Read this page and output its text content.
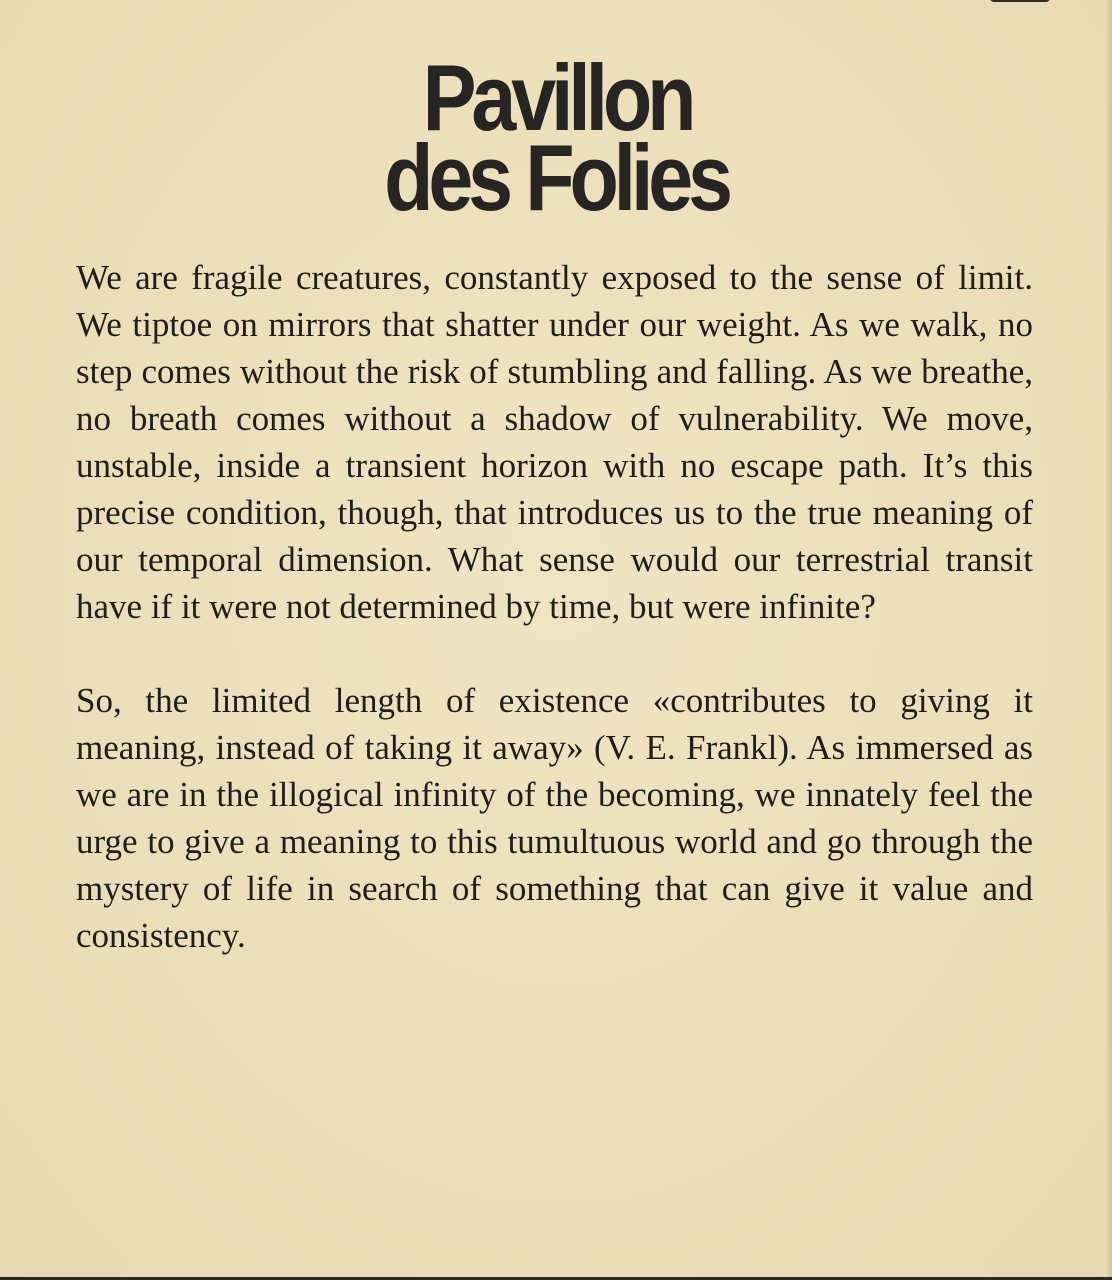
Pavillon
des Folies

We are fragile creatures, constantly exposed to the sense of limit. We tiptoe on mirrors that shatter under our weight. As we walk, no step comes without the risk of stumbling and falling. As we breathe, no breath comes without a shadow of vulnerability. We move, unstable, inside a transient horizon with no escape path. It’s this precise condition, though, that introduces us to the true meaning of our temporal dimension. What sense would our terrestrial transit have if it were not determined by time, but were infinite?

So, the limited length of existence «contributes to giving it meaning, instead of taking it away» (V. E. Frankl). As immersed as we are in the illogical infinity of the becoming, we innately feel the urge to give a meaning to this tumultuous world and go through the mystery of life in search of something that can give it value and consistency.
